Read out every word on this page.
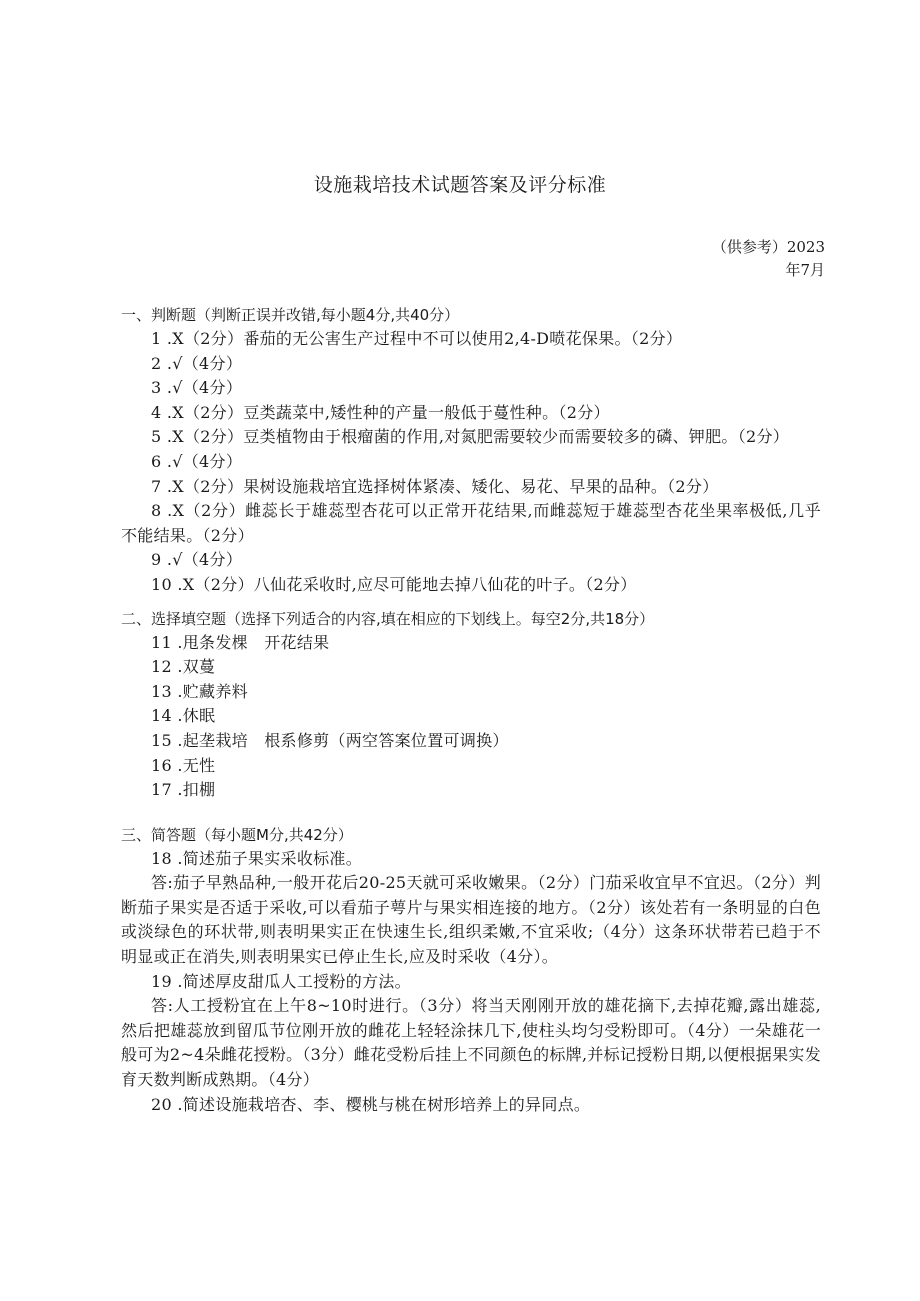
设施栽培技术试题答案及评分标准
（供参考）2023
年7月
一、判断题（判断正误并改错,每小题4分,共40分）

1 .X（2分）番茄的无公害生产过程中不可以使用2,4-D喷花保果。（2分）

2 .√（4分）

3 .√（4分）

4 .X（2分）豆类蔬菜中,矮性种的产量一般低于蔓性种。（2分）

5 .X（2分）豆类植物由于根瘤菌的作用,对氮肥需要较少而需要较多的磷、钾肥。（2分）

6 .√（4分）

7 .X（2分）果树设施栽培宜选择树体紧凑、矮化、易花、早果的品种。（2分）

8 .X（2分）雌蕊长于雄蕊型杏花可以正常开花结果,而雌蕊短于雄蕊型杏花坐果率极低,几乎不能结果。（2分）

9 .√（4分）

10 .X（2分）八仙花采收时,应尽可能地去掉八仙花的叶子。（2分）

二、选择填空题（选择下列适合的内容,填在相应的下划线上。每空2分,共18分）

11 .甩条发棵　开花结果

12 .双蔓

13 .贮藏养料

14 .休眠

15 .起垄栽培　根系修剪（两空答案位置可调换）

16 .无性

17 .扣棚

三、简答题（每小题M分,共42分）

18 .简述茄子果实采收标准。

答:茄子早熟品种,一般开花后20-25天就可采收嫩果。（2分）门茄采收宜早不宜迟。（2分）判断茄子果实是否适于采收,可以看茄子萼片与果实相连接的地方。（2分）该处若有一条明显的白色或淡绿色的环状带,则表明果实正在快速生长,组织柔嫩,不宜采收;（4分）这条环状带若已趋于不明显或正在消失,则表明果实已停止生长,应及时采收（4分）。

19 .简述厚皮甜瓜人工授粉的方法。

答:人工授粉宜在上午8~10时进行。（3分）将当天刚刚开放的雄花摘下,去掉花瓣,露出雄蕊,然后把雄蕊放到留瓜节位刚开放的雌花上轻轻涂抹几下,使柱头均匀受粉即可。（4分）一朵雄花一般可为2~4朵雌花授粉。（3分）雌花受粉后挂上不同颜色的标牌,并标记授粉日期,以便根据果实发育天数判断成熟期。（4分）

20 .简述设施栽培杏、李、樱桃与桃在树形培养上的异同点。
